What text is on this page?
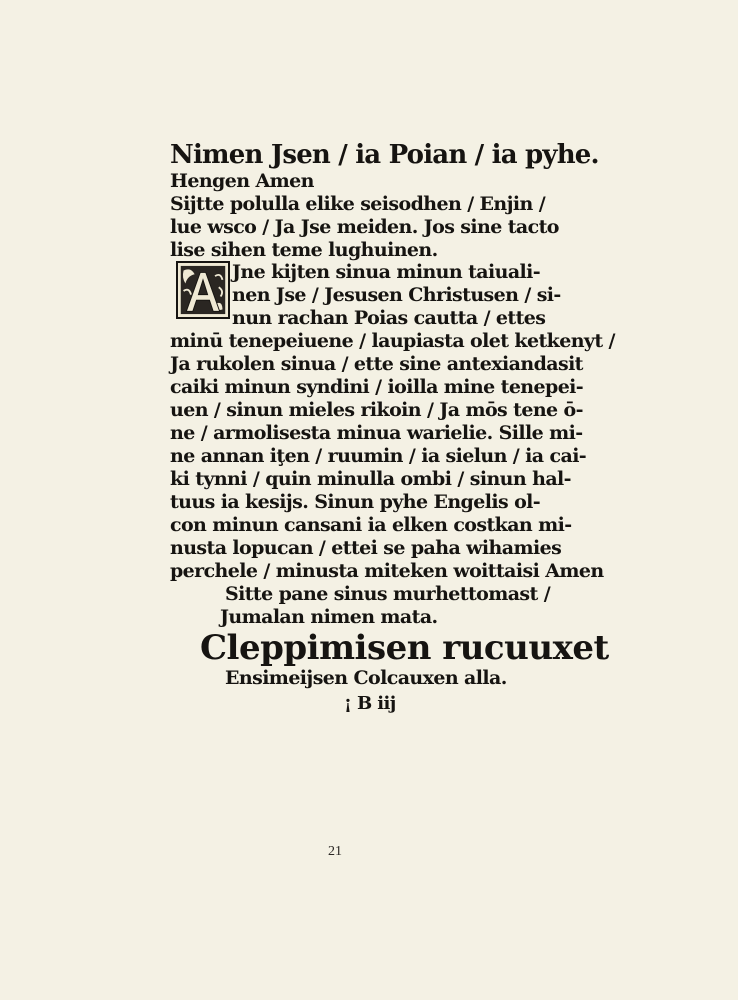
Nimen Jsen / ia Poian / ia pyhe.
Hengen Amen
Sijtte polulla elike seisodhen / Enjin /
lue wsco / Ja Jse meiden. Jos sine tacto
lise sihen teme lughuinen.
Jne kijten sinua minun taiuali-
nen Jse / Jesusen Christusen / si-
nun rachan Poias cautta / ettes
minū tenepeiuene / laupiasta olet ketkenyt /
Ja rukolen sinua / ette sine antexiandasit
caiki minun syndini / ioilla mine tenepei-
uen / sinun mieles rikoin / Ja mōs tene ō-
ne / armolisesta minua warielie. Sille mi-
ne annan iţen / ruumin / ia sielun / ia cai-
ki tynni / quin minulla ombi / sinun hal-
tuus ia kesijs. Sinun pyhe Engelis ol-
con minun cansani ia elken costkan mi-
nusta lopucan / ettei se paha wihamies
perchele / minusta miteken woittaisi Amen
Sitte pane sinus murhettomast /
Jumalan nimen mata.
Cleppimisen rucuuxet
Ensimeijsen Colcauxen alla.
¡ B iij
21
